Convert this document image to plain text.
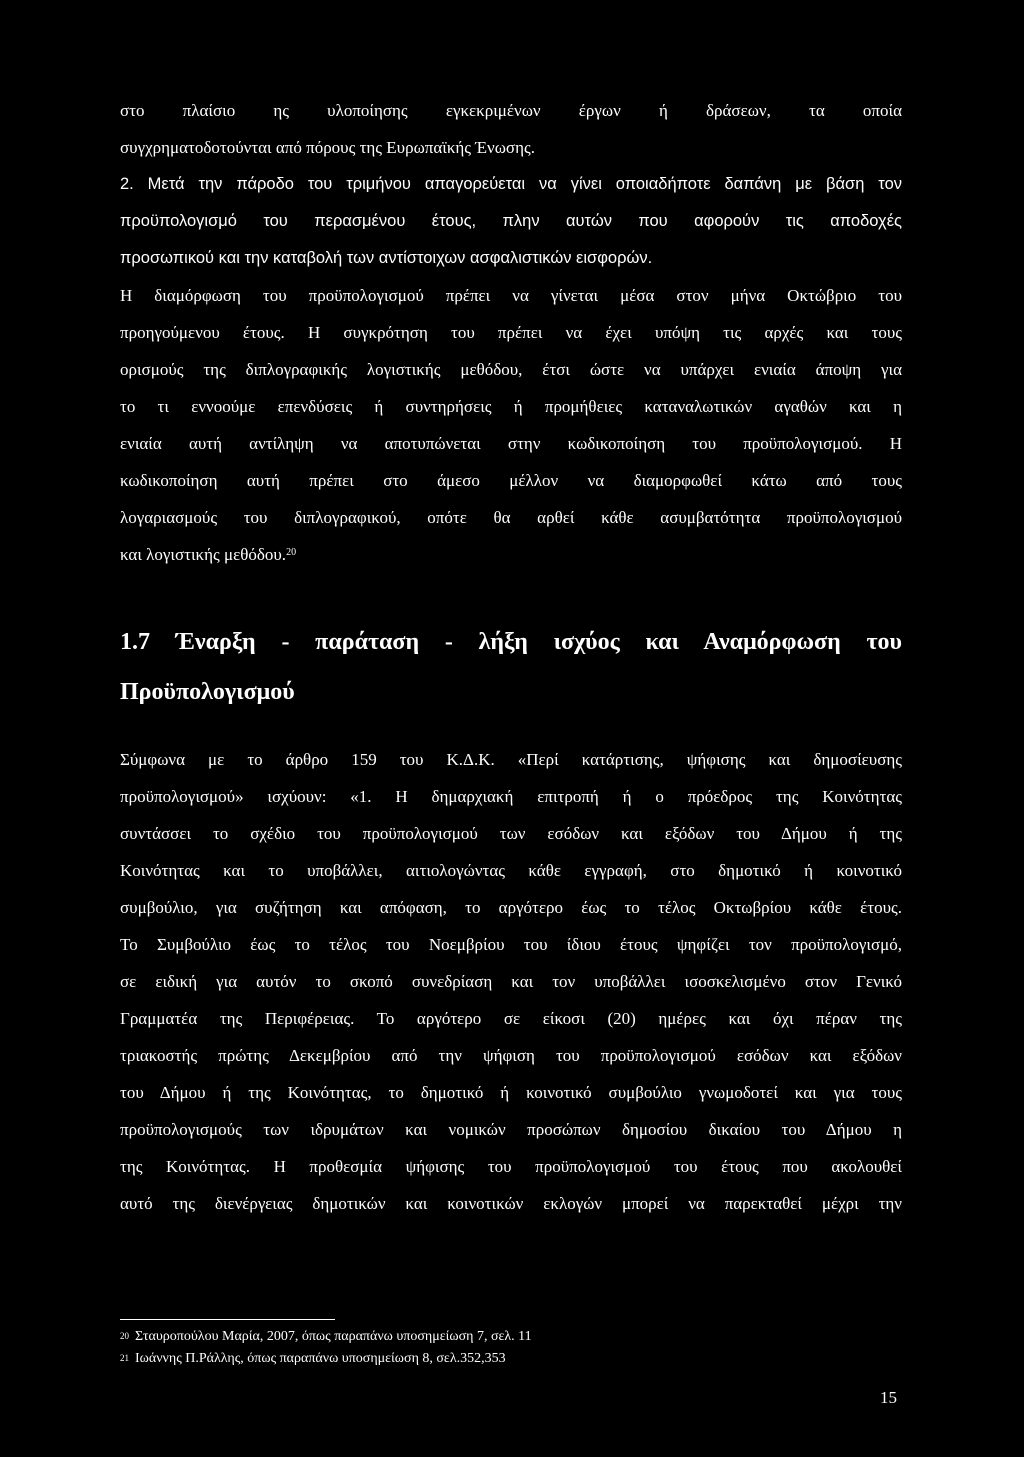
στο πλαίσιο ης υλοποίησης εγκεκριμένων έργων ή δράσεων, τα οποία
συγχρηματοδοτούνται από πόρους της Ευρωπαϊκής Ένωσης.
2. Μετά την πάροδο του τριμήνου απαγορεύεται να γίνει οποιαδήποτε δαπάνη με βάση τον
προϋπολογισμό του περασμένου έτους, πλην αυτών που αφορούν τις αποδοχές
προσωπικού και την καταβολή των αντίστοιχων ασφαλιστικών εισφορών.
Η διαμόρφωση του προϋπολογισμού πρέπει να γίνεται μέσα στον μήνα Οκτώβριο του
προηγούμενου έτους. Η συγκρότηση του πρέπει να έχει υπόψη τις αρχές και τους
ορισμούς της διπλογραφικής λογιστικής μεθόδου, έτσι ώστε να υπάρχει ενιαία άποψη για
το τι εννοούμε επενδύσεις ή συντηρήσεις ή προμήθειες καταναλωτικών αγαθών και η
ενιαία αυτή αντίληψη να αποτυπώνεται στην κωδικοποίηση του προϋπολογισμού. Η
κωδικοποίηση αυτή πρέπει στο άμεσο μέλλον να διαμορφωθεί κάτω από τους
λογαριασμούς του διπλογραφικού, οπότε θα αρθεί κάθε ασυμβατότητα προϋπολογισμού
και λογιστικής μεθόδου.$^{20}$
1.7 Έναρξη - παράταση - λήξη ισχύος και Αναμόρφωση του
Προϋπολογισμού
Σύμφωνα με το άρθρο 159 του Κ.Δ.Κ. «Περί κατάρτισης, ψήφισης και δημοσίευσης
προϋπολογισμού» ισχύουν: «1. Η δημαρχιακή επιτροπή ή ο πρόεδρος της Κοινότητας
συντάσσει το σχέδιο του προϋπολογισμού των εσόδων και εξόδων του Δήμου ή της
Κοινότητας και το υποβάλλει, αιτιολογώντας κάθε εγγραφή, στο δημοτικό ή κοινοτικό
συμβούλιο, για συζήτηση και απόφαση, το αργότερο έως το τέλος Οκτωβρίου κάθε έτους.
Το Συμβούλιο έως το τέλος του Νοεμβρίου του ίδιου έτους ψηφίζει τον προϋπολογισμό,
σε ειδική για αυτόν το σκοπό συνεδρίαση και τον υποβάλλει ισοσκελισμένο στον Γενικό
Γραμματέα της Περιφέρειας. Το αργότερο σε είκοσι (20) ημέρες και όχι πέραν της
τριακοστής πρώτης Δεκεμβρίου από την ψήφιση του προϋπολογισμού εσόδων και εξόδων
του Δήμου ή της Κοινότητας, το δημοτικό ή κοινοτικό συμβούλιο γνωμοδοτεί και για τους
προϋπολογισμούς των ιδρυμάτων και νομικών προσώπων δημοσίου δικαίου του Δήμου η
της Κοινότητας. Η προθεσμία ψήφισης του προϋπολογισμού του έτους που ακολουθεί
αυτό της διενέργειας δημοτικών και κοινοτικών εκλογών μπορεί να παρεκταθεί μέχρι την
$^{20}$ Σταυροπούλου Μαρία, 2007, όπως παραπάνω υποσημείωση 7, σελ. 11
$^{21}$ Ιωάννης Π.Ράλλης, όπως παραπάνω υποσημείωση 8, σελ.352,353
15
